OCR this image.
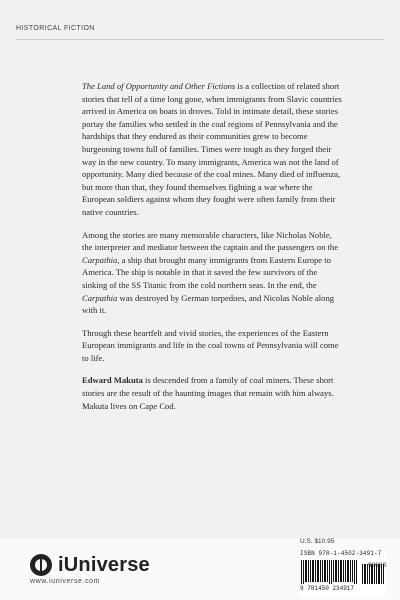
HISTORICAL FICTION

The Land of Opportunity and Other Fictions is a collection of related short stories that tell of a time long gone, when immigrants from Slavic countries arrived in America on boats in droves. Told in intimate detail, these stories portay the families who settled in the coal regions of Pennsylvania and the hardships that they endured as their communities grew to become burgeoning towns full of families. Times were tough as they forged their way in the new country. To many immigrants, America was not the land of opportunity. Many died because of the coal mines. Many died of influenza, but more than that, they found themselves fighting a war where the European soldiers against whom they fought were often family from their native countries.

Among the stories are many memorable characters, like Nicholas Noble, the interpreter and mediator between the captain and the passengers on the Carpathia, a ship that brought many immigrants from Eastern Europe to America. The ship is notable in that it saved the few survivors of the sinking of the SS Titanic from the cold northern seas. In the end, the Carpathia was destroyed by German torpedoes, and Nicolas Noble along with it.

Through these heartfelt and vivid stories, the experiences of the Eastern European immigrants and life in the coal towns of Pennsylvania will come to life.

Edward Makuta is descended from a family of coal miners. These short stories are the result of the haunting images that remain with him always. Makuta lives on Cape Cod.

U.S. $10.95
iUniverse
www.iuniverse.com
ISBN 978-1-4502-3491-7
90000
9 781450 234917
